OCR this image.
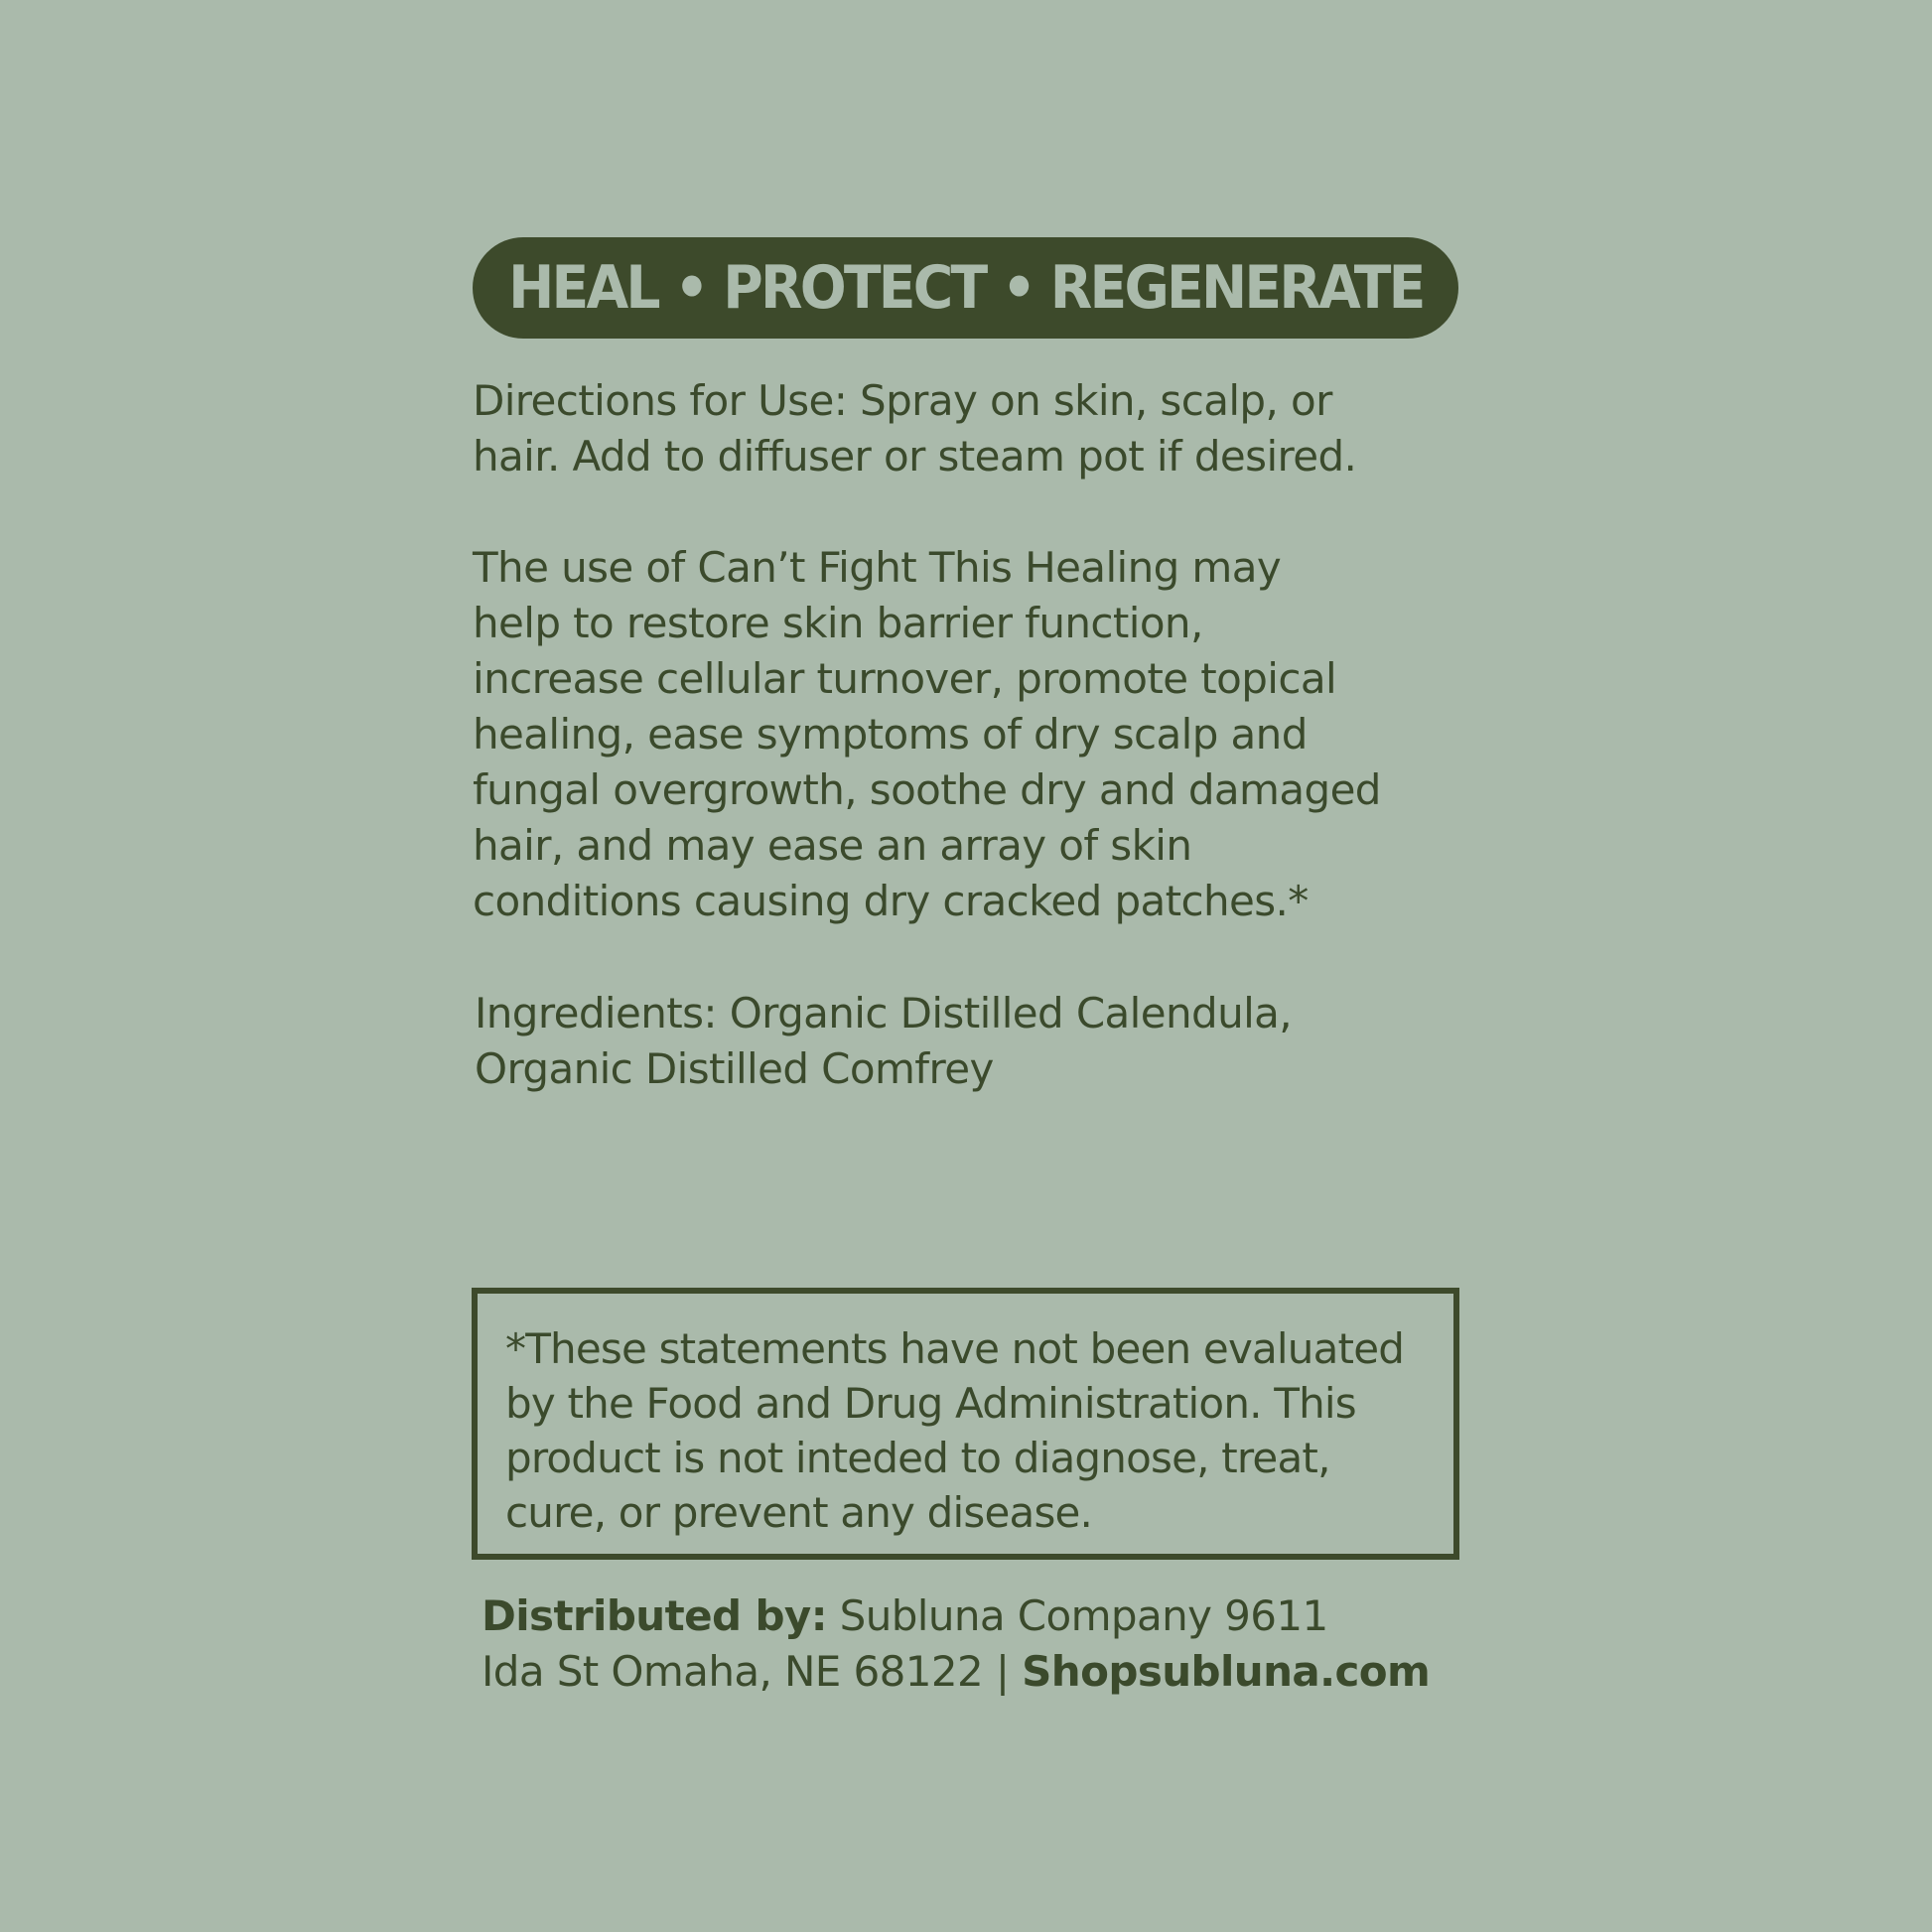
HEAL • PROTECT • REGENERATE

Directions for Use: Spray on skin, scalp, or
hair. Add to diffuser or steam pot if desired.

The use of Can’t Fight This Healing may
help to restore skin barrier function,
increase cellular turnover, promote topical
healing, ease symptoms of dry scalp and
fungal overgrowth, soothe dry and damaged
hair, and may ease an array of skin
conditions causing dry cracked patches.*

Ingredients: Organic Distilled Calendula,
Organic Distilled Comfrey

*These statements have not been evaluated
by the Food and Drug Administration. This
product is not inteded to diagnose, treat,
cure, or prevent any disease.

Distributed by: Subluna Company 9611
Ida St Omaha, NE 68122 | Shopsubluna.com
